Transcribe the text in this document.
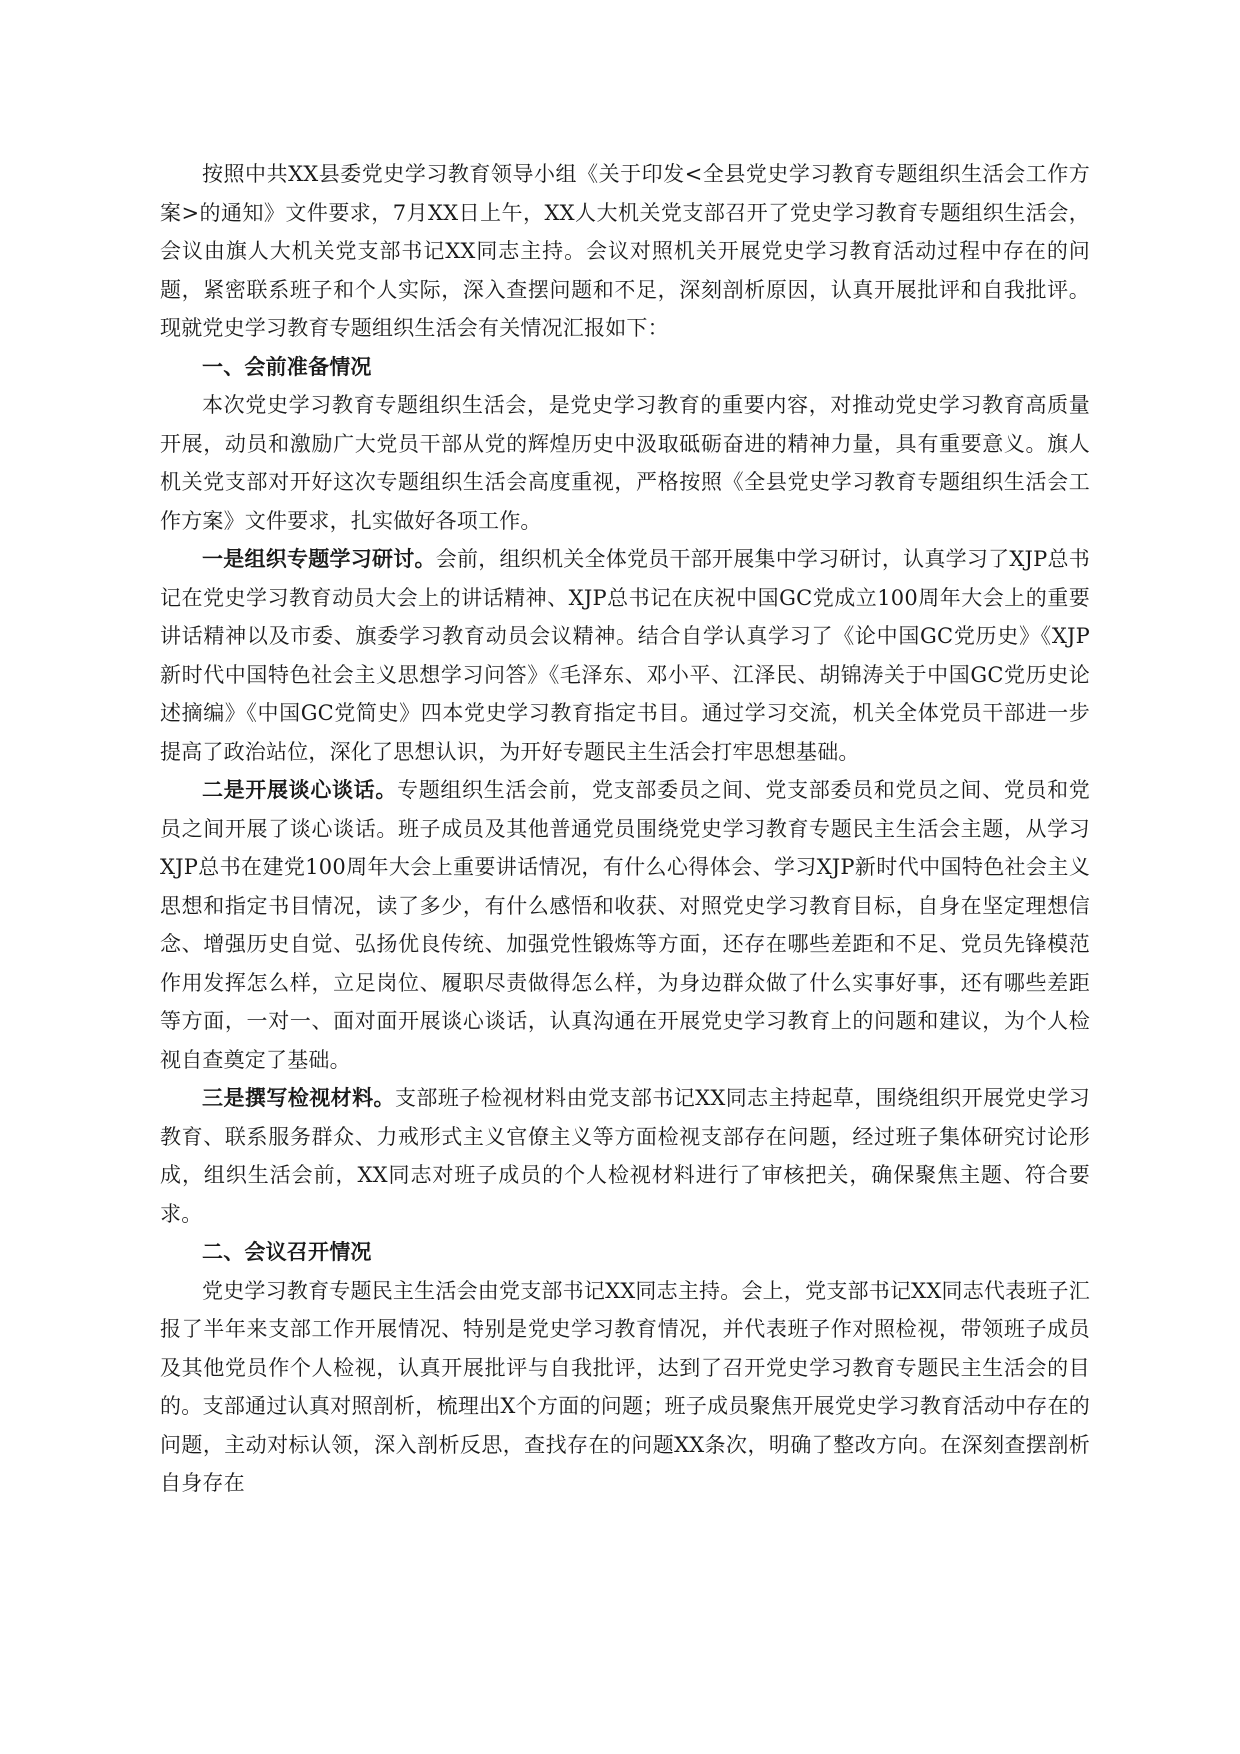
按照中共XX县委党史学习教育领导小组《关于印发<全县党史学习教育专题组织生活会工作方案>的通知》文件要求，7月XX日上午，XX人大机关党支部召开了党史学习教育专题组织生活会，会议由旗人大机关党支部书记XX同志主持。会议对照机关开展党史学习教育活动过程中存在的问题，紧密联系班子和个人实际，深入查摆问题和不足，深刻剖析原因，认真开展批评和自我批评。现就党史学习教育专题组织生活会有关情况汇报如下：

一、会前准备情况

本次党史学习教育专题组织生活会，是党史学习教育的重要内容，对推动党史学习教育高质量开展，动员和激励广大党员干部从党的辉煌历史中汲取砥砺奋进的精神力量，具有重要意义。旗人机关党支部对开好这次专题组织生活会高度重视，严格按照《全县党史学习教育专题组织生活会工作方案》文件要求，扎实做好各项工作。

一是组织专题学习研讨。会前，组织机关全体党员干部开展集中学习研讨，认真学习了XJP总书记在党史学习教育动员大会上的讲话精神、XJP总书记在庆祝中国GC党成立100周年大会上的重要讲话精神以及市委、旗委学习教育动员会议精神。结合自学认真学习了《论中国GC党历史》《XJP新时代中国特色社会主义思想学习问答》《毛泽东、邓小平、江泽民、胡锦涛关于中国GC党历史论述摘编》《中国GC党简史》四本党史学习教育指定书目。通过学习交流，机关全体党员干部进一步提高了政治站位，深化了思想认识，为开好专题民主生活会打牢思想基础。

二是开展谈心谈话。专题组织生活会前，党支部委员之间、党支部委员和党员之间、党员和党员之间开展了谈心谈话。班子成员及其他普通党员围绕党史学习教育专题民主生活会主题，从学习XJP总书在建党100周年大会上重要讲话情况，有什么心得体会、学习XJP新时代中国特色社会主义思想和指定书目情况，读了多少，有什么感悟和收获、对照党史学习教育目标，自身在坚定理想信念、增强历史自觉、弘扬优良传统、加强党性锻炼等方面，还存在哪些差距和不足、党员先锋模范作用发挥怎么样，立足岗位、履职尽责做得怎么样，为身边群众做了什么实事好事，还有哪些差距等方面，一对一、面对面开展谈心谈话，认真沟通在开展党史学习教育上的问题和建议，为个人检视自查奠定了基础。

三是撰写检视材料。支部班子检视材料由党支部书记XX同志主持起草，围绕组织开展党史学习教育、联系服务群众、力戒形式主义官僚主义等方面检视支部存在问题，经过班子集体研究讨论形成，组织生活会前，XX同志对班子成员的个人检视材料进行了审核把关，确保聚焦主题、符合要求。

二、会议召开情况

党史学习教育专题民主生活会由党支部书记XX同志主持。会上，党支部书记XX同志代表班子汇报了半年来支部工作开展情况、特别是党史学习教育情况，并代表班子作对照检视，带领班子成员及其他党员作个人检视，认真开展批评与自我批评，达到了召开党史学习教育专题民主生活会的目的。支部通过认真对照剖析，梳理出X个方面的问题；班子成员聚焦开展党史学习教育活动中存在的问题，主动对标认领，深入剖析反思，查找存在的问题XX条次，明确了整改方向。在深刻查摆剖析自身存在
